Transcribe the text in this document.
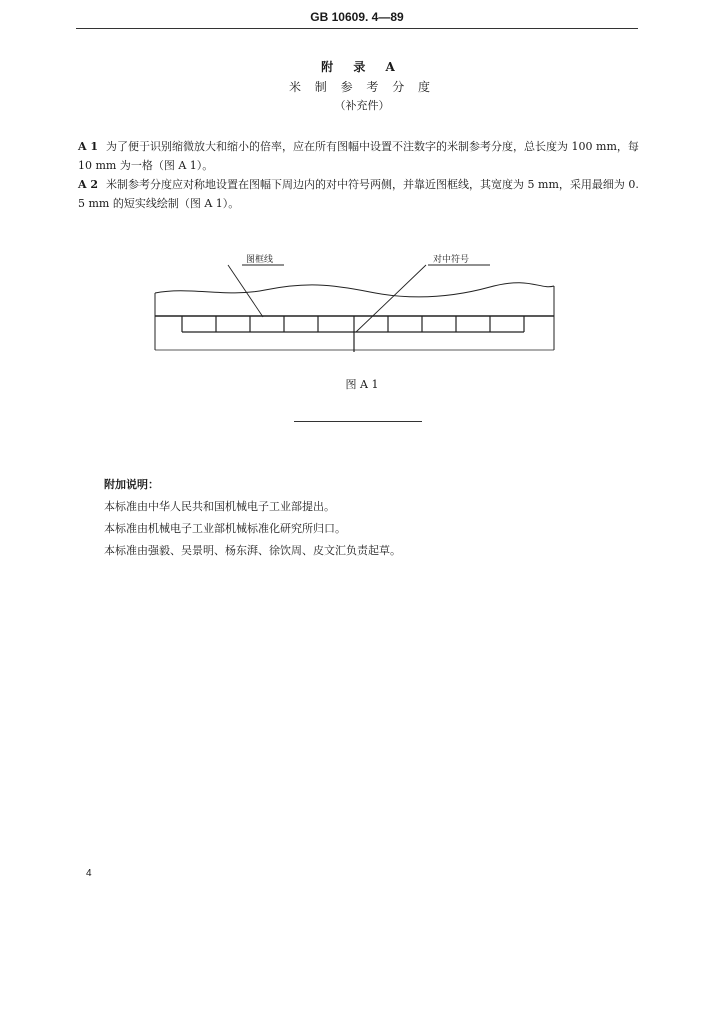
GB 10609. 4—89
附 录 A
米 制 参 考 分 度
（补充件）

A 1 为了便于识别缩微放大和缩小的倍率，应在所有图幅中设置不注数字的米制参考分度，总长度为 100 mm，每 10 mm 为一格（图 A 1）。

A 2 米制参考分度应对称地设置在图幅下周边内的对中符号两侧，并靠近图框线，其宽度为 5 mm，采用最细为 0. 5 mm 的短实线绘制（图 A 1）。

图框线	对中符号
图 A 1
附加说明：
本标准由中华人民共和国机械电子工业部提出。
本标准由机械电子工业部机械标准化研究所归口。
本标准由强毅、吴景明、杨东湃、徐饮周、皮文汇负责起草。
4
